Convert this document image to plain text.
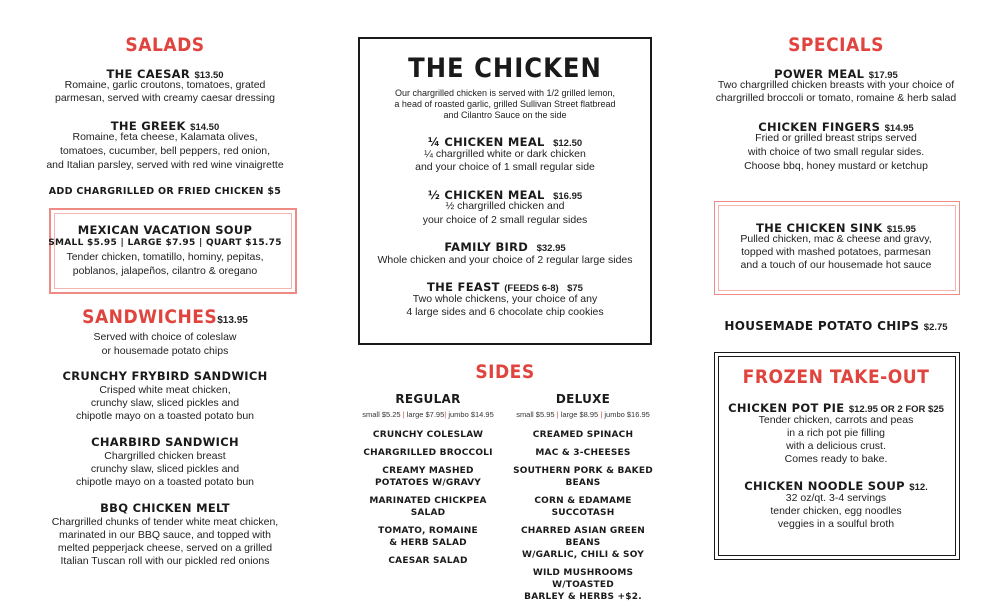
SALADS
THE CAESAR $13.50
Romaine, garlic croutons, tomatoes, grated
parmesan, served with creamy caesar dressing
THE GREEK $14.50
Romaine, feta cheese, Kalamata olives,
tomatoes, cucumber, bell peppers, red onion,
and Italian parsley, served with red wine vinaigrette
ADD CHARGRILLED OR FRIED CHICKEN $5
MEXICAN VACATION SOUP
SMALL $5.95 | LARGE $7.95 | QUART $15.75
Tender chicken, tomatillo, hominy, pepitas,
poblanos, jalapeños, cilantro & oregano
SANDWICHES$13.95
Served with choice of coleslaw
or housemade potato chips
CRUNCHY FRYBIRD SANDWICH
Crisped white meat chicken,
crunchy slaw, sliced pickles and
chipotle mayo on a toasted potato bun
CHARBIRD SANDWICH
Chargrilled chicken breast
crunchy slaw, sliced pickles and
chipotle mayo on a toasted potato bun
BBQ CHICKEN MELT
Chargrilled chunks of tender white meat chicken,
marinated in our BBQ sauce, and topped with
melted pepperjack cheese, served on a grilled
Italian Tuscan roll with our pickled red onions
THE CHICKEN
Our chargrilled chicken is served with 1/2 grilled lemon,
a head of roasted garlic, grilled Sullivan Street flatbread
and Cilantro Sauce on the side
¼ CHICKEN MEAL $12.50
¼ chargrilled white or dark chicken
and your choice of 1 small regular side
½ CHICKEN MEAL $16.95
½ chargrilled chicken and
your choice of 2 small regular sides
FAMILY BIRD $32.95
Whole chicken and your choice of 2 regular large sides
THE FEAST (FEEDS 6-8) $75
Two whole chickens, your choice of any
4 large sides and 6 chocolate chip cookies
SIDES
REGULAR
small $5.25 | large $7.95| jumbo $14.95
CRUNCHY COLESLAW
CHARGRILLED BROCCOLI
CREAMY MASHED
POTATOES W/GRAVY
MARINATED CHICKPEA SALAD
TOMATO, ROMAINE
& HERB SALAD
CAESAR SALAD
DELUXE
small $5.95 | large $8.95 | jumbo $16.95
CREAMED SPINACH
MAC & 3-CHEESES
SOUTHERN PORK & BAKED BEANS
CORN & EDAMAME SUCCOTASH
CHARRED ASIAN GREEN BEANS
W/GARLIC, CHILI & SOY
WILD MUSHROOMS W/TOASTED
BARLEY & HERBS +$2.
SPECIALS
POWER MEAL $17.95
Two chargrilled chicken breasts with your choice of
chargrilled broccoli or tomato, romaine & herb salad
CHICKEN FINGERS $14.95
Fried or grilled breast strips served
with choice of two small regular sides.
Choose bbq, honey mustard or ketchup
THE CHICKEN SINK $15.95
Pulled chicken, mac & cheese and gravy,
topped with mashed potatoes, parmesan
and a touch of our housemade hot sauce
HOUSEMADE POTATO CHIPS $2.75
FROZEN TAKE-OUT
CHICKEN POT PIE $12.95 OR 2 FOR $25
Tender chicken, carrots and peas
in a rich pot pie filling
with a delicious crust.
Comes ready to bake.
CHICKEN NOODLE SOUP $12.
32 oz/qt. 3-4 servings
tender chicken, egg noodles
veggies in a soulful broth
